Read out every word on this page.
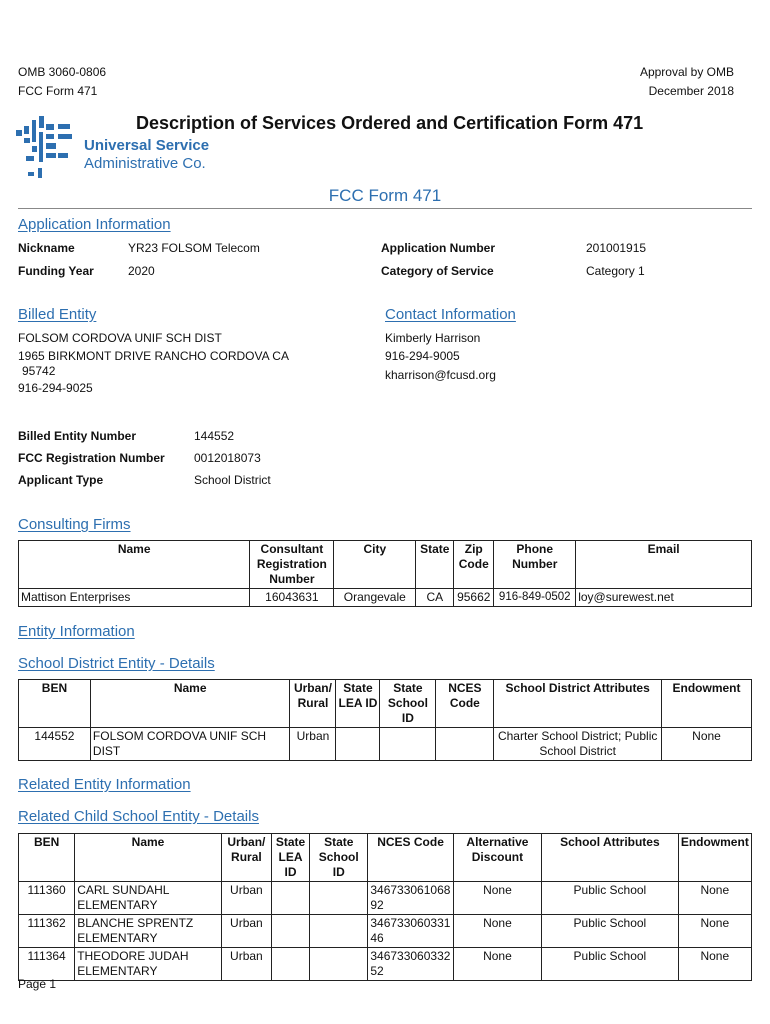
OMB 3060-0806
FCC Form 471
Approval by OMB
December 2018
Universal Service
Administrative Co.
Description of Services Ordered and Certification Form 471
FCC Form 471
Application Information
Nickname	YR23 FOLSOM Telecom	Application Number	201001915
Funding Year	2020	Category of Service	Category 1
Billed Entity
FOLSOM CORDOVA UNIF SCH DIST
1965 BIRKMONT DRIVE RANCHO CORDOVA CA
95742
916-294-9025
Billed Entity Number	144552
FCC Registration Number 0012018073
Applicant Type	School District
Contact Information
Kimberly Harrison
916-294-9005
kharrison@fcusd.org
Consulting Firms
Name	Consultant Registration Number	City	State	Zip Code	Phone Number	Email
Mattison Enterprises	16043631	Orangevale	CA	95662	916-849-0502	loy@surewest.net
Entity Information
School District Entity - Details
BEN	Name	Urban/ Rural	State LEA ID	State School ID	NCES Code	School District Attributes	Endowment
144552	FOLSOM CORDOVA UNIF SCH DIST	Urban				Charter School District; Public School District	None
Related Entity Information
Related Child School Entity - Details
BEN	Name	Urban/ Rural	State LEA ID	State School ID	NCES Code	Alternative Discount	School Attributes	Endowment
111360	CARL SUNDAHL ELEMENTARY	Urban			346733061068 92	None	Public School	None
111362	BLANCHE SPRENTZ ELEMENTARY	Urban			346733060331 46	None	Public School	None
111364	THEODORE JUDAH ELEMENTARY	Urban			346733060332 52	None	Public School	None
Page 1
